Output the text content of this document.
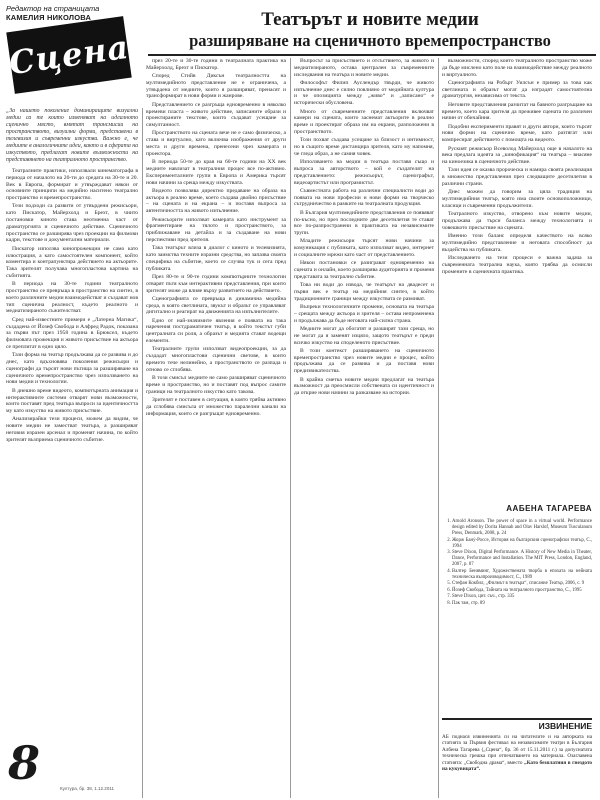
Редактор на страницата
КАМЕЛИЯ НИКОЛОВА
Сцена
Театърът и новите медии
разширяване на сценичното времепространство
„За нашето поколение доминиращите визуални медии са те които изменяват на идеалното сценично място, вмятат трансмисии на пространството, визуални форми, представени в телевизия и съвременни изкуства. Важно е, че медиите в аналогичните идеи, както и в сферата на изкуството, предлагат новите възможности на представянето на театралното пространство.

Театралните практики, използвали кинематографа в периода от началото на 20-ти до средата на 30-те и 20. Век в Европа, формират и утвърждават някои от основните принципи на медийно наситено театрално пространство и времепространство.

Тези подходи са развити от утвърдени режисьори, като Пискатор, Майерхолд и Брехт, в чиито постановки киното става неотменна част от драматургията и сценичното действие. Сценичното пространство се разширява чрез проекции на филмови кадри, текстове и документални материали.

Пискатор използва кинопрожекции не само като илюстрация, а като самостоятелен компонент, който коментира и контрапунктира действието на актьорите. Така зрителят получава многопластова картина на събитията.

В периода на 30-те години театралното пространство се превръща в пространство на синтез, в което различните медии взаимодействат и създават нов тип сценична реалност, където реалното и медиатизираното съжителстват.

Сред най-известните примери е „Латерна Магика“, създадена от Йозеф Свобода и Алфред Радок, показана за първи път през 1958 година в Брюксел, където филмовата прожекция и живото присъствие на актьора се преплитат в едно цяло.

Тази форма на театър продължава да се развива и до днес, като вдъхновява поколения режисьори и сценографи да търсят нови пътища за разширяване на сценичното времепространство чрез използването на нови медии и технологии.

В днешно време видеото, компютърната анимация и интерактивните системи отварят нови възможности, които поставят пред театъра въпроси за идентичността му като изкуство на живото присъствие.

Анализирайки тези процеси, можем да видим, че новите медии не заместват театъра, а разширяват неговия изразен арсенал и променят начина, по който зрителят възприема сценичното събитие.

през 20-те и 30-те години в театралната практика на Майерхолд, Брехт и Пискатор.

Според Стийв Диксън театралността на мултимедийното представление не е ограничена, а утвърдена от медиите, които я разширяват, пренасят и трансформират в нови форми и жанрове.

Представлението се разгръща едновременно в няколко времеви пласта – живото действие, записаните образи и проектираните текстове, които създават усещане за симултанност.

Пространството на сцената вече не е само физическо, а става и виртуално, като включва изображения от други места и други времена, пренесени чрез камерата и проектора.

В периода 50-те до края на 60-те години на ХХ век медиите навлизат в театралния процес все по-активно. Експерименталните групи в Европа и Америка търсят нови начини за среща между изкуствата.

Видеото позволява директно предаване на образа на актьора в реално време, което създава двойно присъствие – на сцената и на екрана – и поставя въпроса за автентичността на живото изпълнение.

Режисьорите използват камерата като инструмент за фрагментиране на тялото и пространството, за приближаване на детайла и за създаване на нови перспективи пред зрителя.

Така театърът влиза в диалог с киното и телевизията, като заимства техните изразни средства, но запазва своята специфика на събитие, което се случва тук и сега пред публиката.

През 80-те и 90-те години компютърните технологии отварят пътя към интерактивни представления, при които зрителят може да влияе върху развитието на действието.

Сценографията се превръща в динамична медийна среда, в която светлината, звукът и образът се управляват дигитално и реагират на движенията на изпълнителите.

Едно от най-значимите явления е появата на така наречения постдраматичен театър, в който текстът губи централната си роля, а образът и медията стават водещи елементи.

Театралните групи използват видеопроекции, за да създадат многопластови сценични светове, в които времето тече нелинейно, а пространството се разпада и отново се сглобява.

В този смисъл медиите не само разширяват сценичното време и пространство, но и поставят под въпрос самите граници на театралното изкуство като такова.

Зрителят е поставен в ситуация, в която трябва активно да сглобява смисъла от множество паралелни канали на информация, които се разгръщат едновременно.

Въпросът за присъствието и отсъствието, за живото и медиатизираното, остава централен за съвременните изследвания на театъра и новите медии.

Философът Филип Ауслендър твърди, че живото изпълнение днес е силно повлияно от медийната култура и че опозицията между „живо“ и „записано“ е исторически обусловена.

Много от съвременните представления включват камери на сцената, които заснемат актьорите в реално време и проектират образа им на екрани, разположени в пространството.

Този похват създава усещане за близост и интимност, но в същото време дистанцира зрителя, като му напомня, че гледа образ, а не самия човек.

Използването на медии в театъра поставя също и въпроса за авторството – кой е създателят на представлението: режисьорът, сценографът, видеоартистът или програмистът.

Съвместната работа на различни специалисти води до появата на нови професии и нови форми на творческо сътрудничество в рамките на театралната продукция.

В България мултимедийните представления се появяват по-късно, но през последните две десетилетия те стават все по-разпространени в практиката на независимите трупи.

Младите режисьори търсят нови начини за комуникация с публиката, като използват видео, интернет и социалните мрежи като част от представлението.

Някои постановки се разиграват едновременно на сцената и онлайн, което разширява аудиторията и променя представата за театрално събитие.

Това ни води до извода, че театърът на двадесет и първи век е театър на медийния синтез, в който традиционните граници между изкуствата се размиват.

Въпреки технологичните промени, основата на театъра – срещата между актьора и зрителя – остава непроменена и продължава да бъде неговата най-силна страна.

Медиите могат да обогатят и разширят тази среща, но не могат да я заменят изцяло, защото театърът е преди всичко изкуство на споделеното присъствие.

В този контекст разширяването на сценичното времепространство чрез новите медии е процес, който продължава да се развива и да поставя нови предизвикателства.

В крайна сметка новите медии предлагат на театъра възможност да преосмисли собствената си идентичност и да открие нови начини за разказване на истории.

възможности, според които театралното пространство може да бъде мислено като поле на взаимодействие между реалното и виртуалното.

Сценографията на Робърт Уилсън е пример за това как светлината и образът могат да изградят самостоятелна драматургия, независима от текста.

Неговите представления разчитат на бавното разгръщане на времето, което кара зрителя да преживее сцената по различен начин от обичайния.

Подобни експерименти правят и други автори, които търсят нови форми на сценично време, като разтягат или компресират действието с помощта на видеото.

Руският режисьор Всеволод Майерхолд още в началото на века предлага идеята за „кинофикация“ на театъра – внасяне на киноезика в сценичното действие.

Тази идея се оказва пророческа и намира своята реализация в множество представления през следващите десетилетия в различни страни.

Днес можем да говорим за цяла традиция на мултимедийния театър, която има своите основоположници, класици и съвременни продължители.

Театралното изкуство, отворено към новите медии, продължава да търси баланса между технологията и човешкото присъствие на сцената.

Именно този баланс определя качеството на всяко мултимедийно представление и неговата способност да въздейства на публиката.

Изследването на тези процеси е важна задача за съвременната театрална наука, която трябва да осмисли промените в сценичната практика.

ААБЕНА ТАГАРЕВА
1. Arnold Aronson. The power of space in a virtual world. Performance design edited by Dorita Hannah and Olav Harslof, Museum Tusculanum Press, Denmark, 2008, p. 24
2. Жорж Банý-Россе, История на българския сценографски театър, С., 1994
3. Steve Dixon, Digital Performance. A History of New Media in Theater, Dance, Performance and Installation. The MIT Press, London, England, 2007, p. 87
4. Валтер Беняминг, Художествената творба в епохата на нейната техническа възпроизводимост, С., 1989
5. Стефан Кокбил, „Филмът в театъра“, списание Театър, 2006, с. 9
6. Йозеф Свобода, Тайната на театралното пространство, С., 1995
7. Steve Dixon, цит. съч., стр. 335
8. Пак там, стр. 89
ИЗВИНЕНИЕ
АБ поднася извиненията си на читателите и на авторката на статията за Първия фестивал на независимите театри в България Албена Тагарева („Сцена“, бр. 36 от 15.11.2011 г.) за допуснатата техническа грешка при отпечатването на материала. Озаглавена статията: „Свободна драма“, вместо „Като безплатния в гнездото на кукувицата“.
8	Култура, бр. 38, 1.12.2011
